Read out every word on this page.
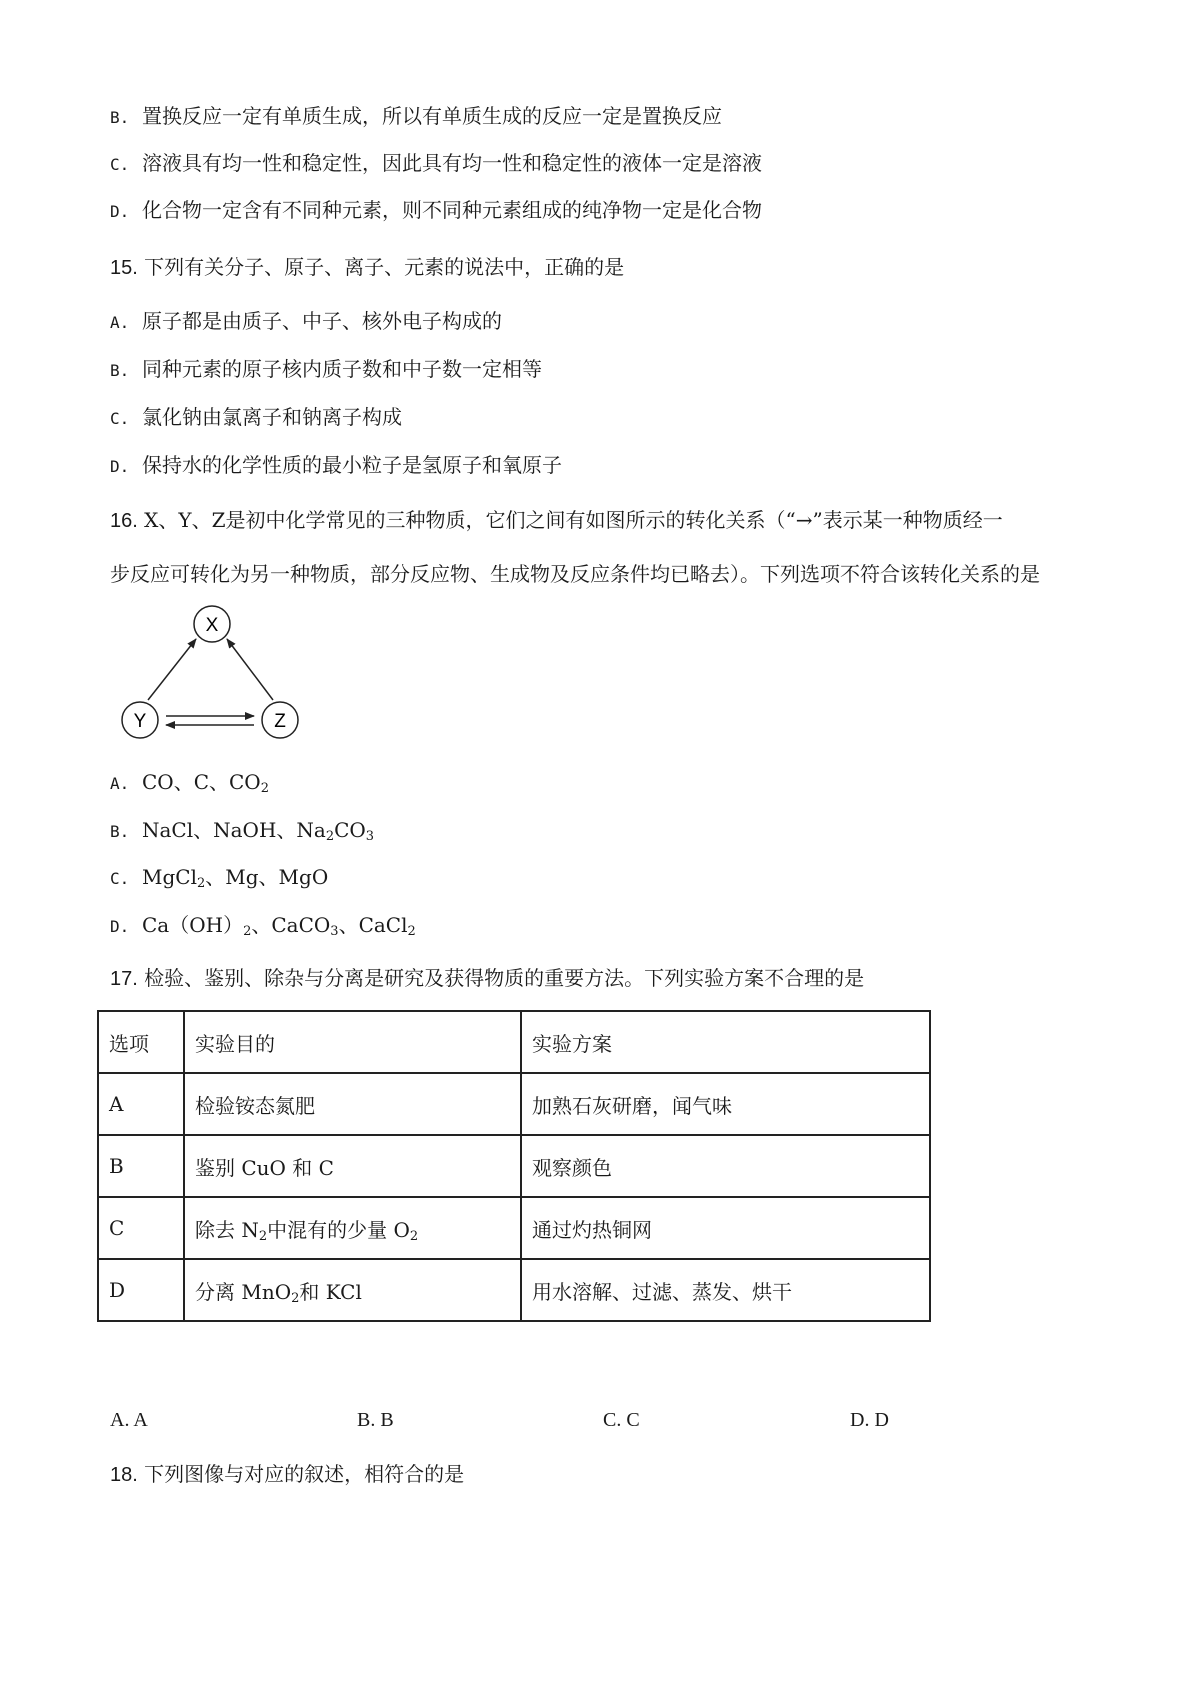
B. 置换反应一定有单质生成，所以有单质生成的反应一定是置换反应
C. 溶液具有均一性和稳定性，因此具有均一性和稳定性的液体一定是溶液
D. 化合物一定含有不同种元素，则不同种元素组成的纯净物一定是化合物
15. 下列有关分子、原子、离子、元素的说法中，正确的是
A. 原子都是由质子、中子、核外电子构成的
B. 同种元素的原子核内质子数和中子数一定相等
C. 氯化钠由氯离子和钠离子构成
D. 保持水的化学性质的最小粒子是氢原子和氧原子
16. X、Y、Z是初中化学常见的三种物质，它们之间有如图所示的转化关系（“→”表示某一种物质经一
步反应可转化为另一种物质，部分反应物、生成物及反应条件均已略去）。下列选项不符合该转化关系的是
X
Y	Z
A. CO、C、$CO_2$
B. NaCl、NaOH、$Na_2CO_3$
C. MgCl$_2$、Mg、MgO
D. $Ca(OH)_2$、CaCO$_3$、CaCl$_2$
17. 检验、鉴别、除杂与分离是研究及获得物质的重要方法。下列实验方案不合理的是
选项	实验目的	实验方案
A	检验铵态氮肥	加熟石灰研磨，闻气味
B	鉴别 CuO 和 C	观察颜色
C	除去 $N_2$中混有的少量 $O_2$	通过灼热铜网
D	分离 MnO$_2$和 KCl	用水溶解、过滤、蒸发、烘干
A. A	B. B	C. C	D. D
18. 下列图像与对应的叙述，相符合的是
